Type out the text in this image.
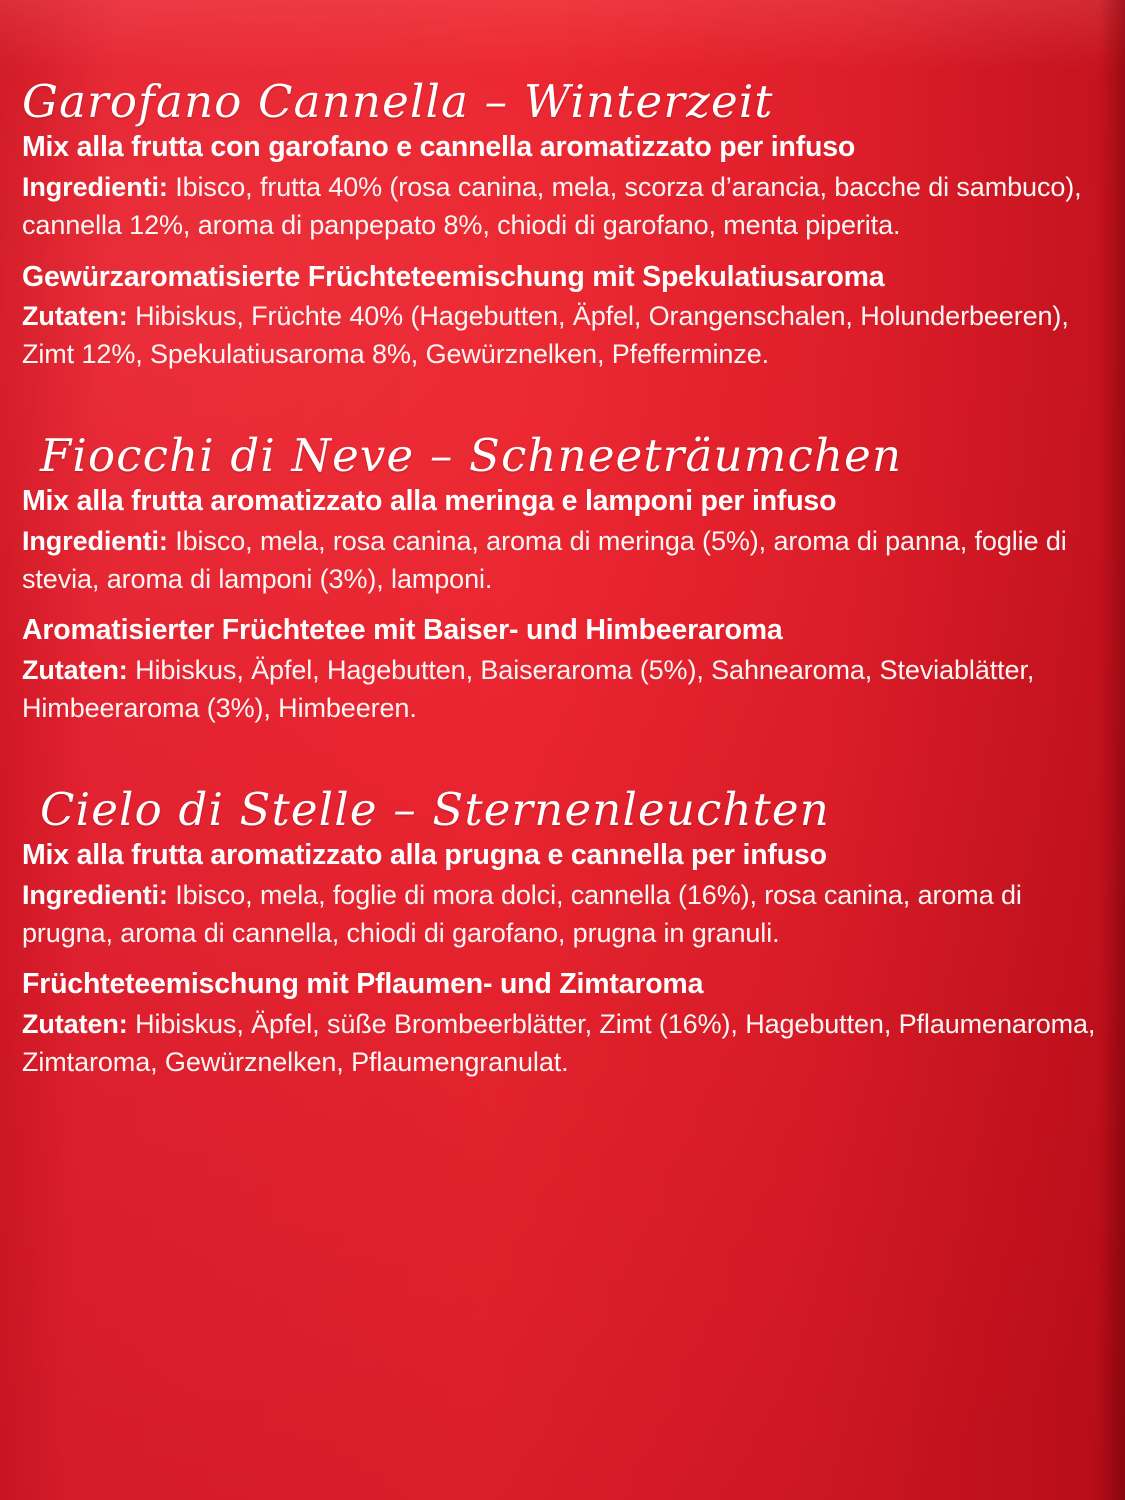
Garofano Cannella – Winterzeit

Mix alla frutta con garofano e cannella aromatizzato per infuso

Ingredienti: Ibisco, frutta 40% (rosa canina, mela, scorza d’arancia, bacche di sambuco), cannella 12%, aroma di panpepato 8%, chiodi di garofano, menta piperita.

Gewürzaromatisierte Früchteteemischung mit Spekulatiusaroma

Zutaten: Hibiskus, Früchte 40% (Hagebutten, Äpfel, Orangenschalen, Holunderbeeren), Zimt 12%, Spekulatiusaroma 8%, Gewürznelken, Pfefferminze.

Fiocchi di Neve – Schneeträumchen

Mix alla frutta aromatizzato alla meringa e lamponi per infuso

Ingredienti: Ibisco, mela, rosa canina, aroma di meringa (5%), aroma di panna, foglie di stevia, aroma di lamponi (3%), lamponi.

Aromatisierter Früchtetee mit Baiser- und Himbeeraroma

Zutaten: Hibiskus, Äpfel, Hagebutten, Baiseraroma (5%), Sahnearoma, Steviablätter, Himbeeraroma (3%), Himbeeren.

Cielo di Stelle – Sternenleuchten

Mix alla frutta aromatizzato alla prugna e cannella per infuso

Ingredienti: Ibisco, mela, foglie di mora dolci, cannella (16%), rosa canina, aroma di prugna, aroma di cannella, chiodi di garofano, prugna in granuli.

Früchteteemischung mit Pflaumen- und Zimtaroma

Zutaten: Hibiskus, Äpfel, süße Brombeerblätter, Zimt (16%), Hagebutten, Pflaumenaroma, Zimtaroma, Gewürznelken, Pflaumengranulat.
